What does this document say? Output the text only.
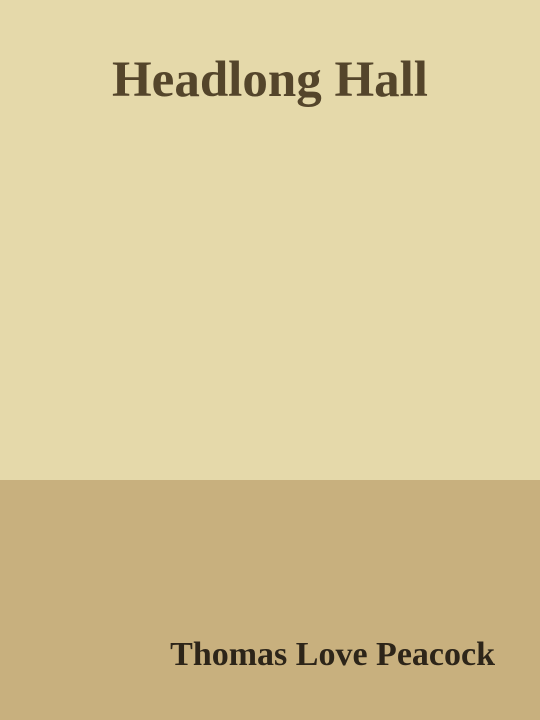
Headlong Hall
Thomas Love Peacock
